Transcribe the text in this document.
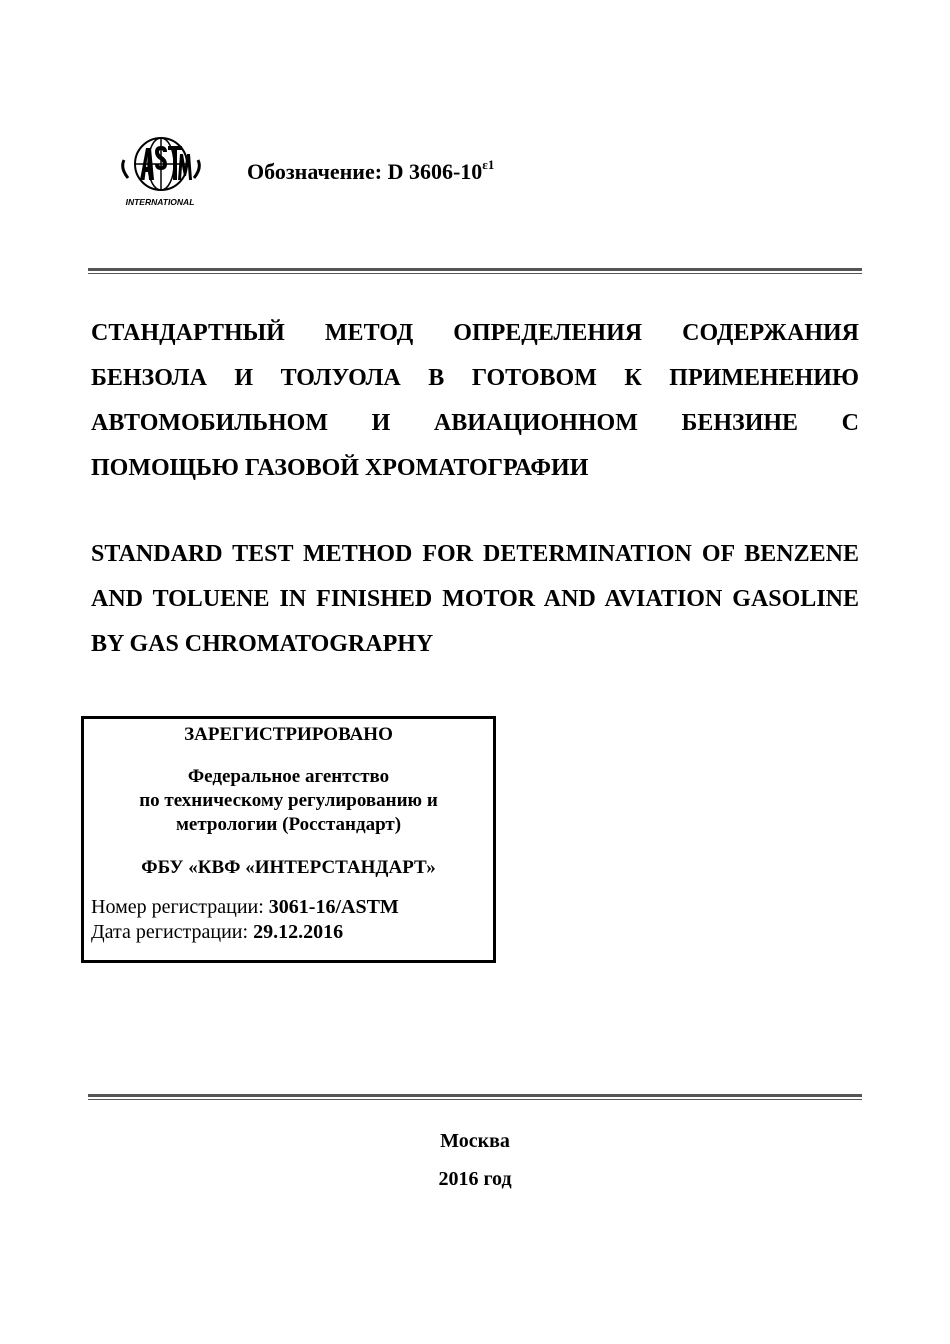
INTERNATIONAL
Обозначение: D $3606-10^{\varepsilon 1}$
СТАНДАРТНЫЙ МЕТОД ОПРЕДЕЛЕНИЯ СОДЕРЖАНИЯ БЕНЗОЛА И ТОЛУОЛА В ГОТОВОМ К ПРИМЕНЕНИЮ АВТОМОБИЛЬНОМ И АВИАЦИОННОМ БЕНЗИНЕ С ПОМОЩЬЮ ГАЗОВОЙ ХРОМАТОГРАФИИ
STANDARD TEST METHOD FOR DETERMINATION OF BENZENE AND TOLUENE IN FINISHED MOTOR AND AVIATION GASOLINE BY GAS CHROMATOGRAPHY
ЗАРЕГИСТРИРОВАНО
Федеральное агентство
по техническому регулированию и
метрологии (Росстандарт)
ФБУ «КВФ «ИНТЕРСТАНДАРТ»
Номер регистрации: 3061-16/ASTM
Дата регистрации: 29.12.2016
Москва
2016 год
